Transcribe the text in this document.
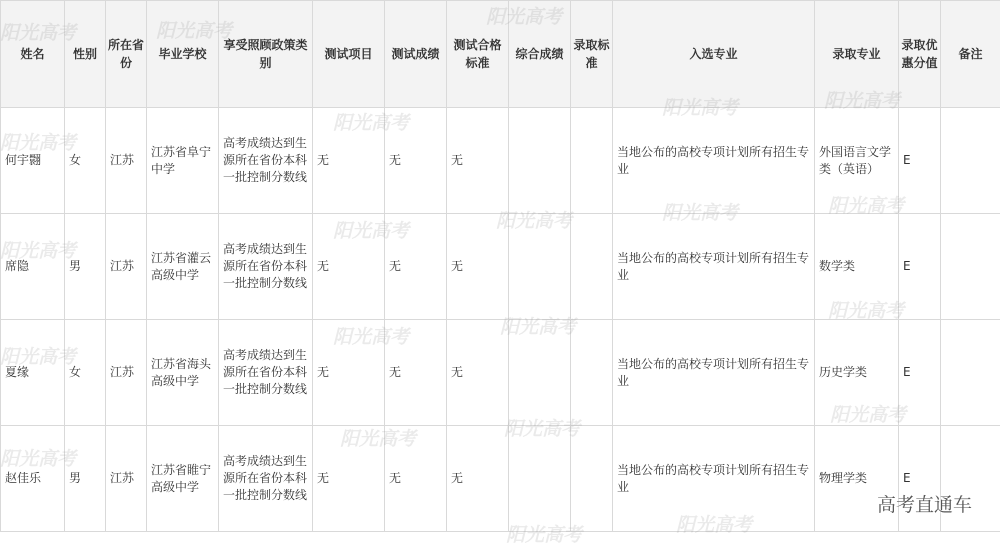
姓名	性别	所在省份	毕业学校	享受照顾政策类别	测试项目	测试成绩	测试合格标准	综合成绩	录取标准	入选专业	录取专业	录取优惠分值	备注
何宇翾	女	江苏	江苏省阜宁中学	高考成绩达到生源所在省份本科一批控制分数线	无	无	无			当地公布的高校专项计划所有招生专业	外国语言文学类（英语）	E	
席隐	男	江苏	江苏省灌云高级中学	高考成绩达到生源所在省份本科一批控制分数线	无	无	无			当地公布的高校专项计划所有招生专业	数学类	E	
夏缘	女	江苏	江苏省海头高级中学	高考成绩达到生源所在省份本科一批控制分数线	无	无	无			当地公布的高校专项计划所有招生专业	历史学类	E	
赵佳乐	男	江苏	江苏省睢宁高级中学	高考成绩达到生源所在省份本科一批控制分数线	无	无	无			当地公布的高校专项计划所有招生专业	物理学类	E	
阳光高考	阳光高考
阳光高考
阳光高考
阳光高考
阳光高考
阳光高考
阳光高考
阳光高考
阳光高考	阳光高考	阳光高考
阳光高考
阳光高考
阳光高考	阳光高考
阳光高考
阳光高考
阳光高考	阳光高考
阳光高考
阳光高考
高考直通车
